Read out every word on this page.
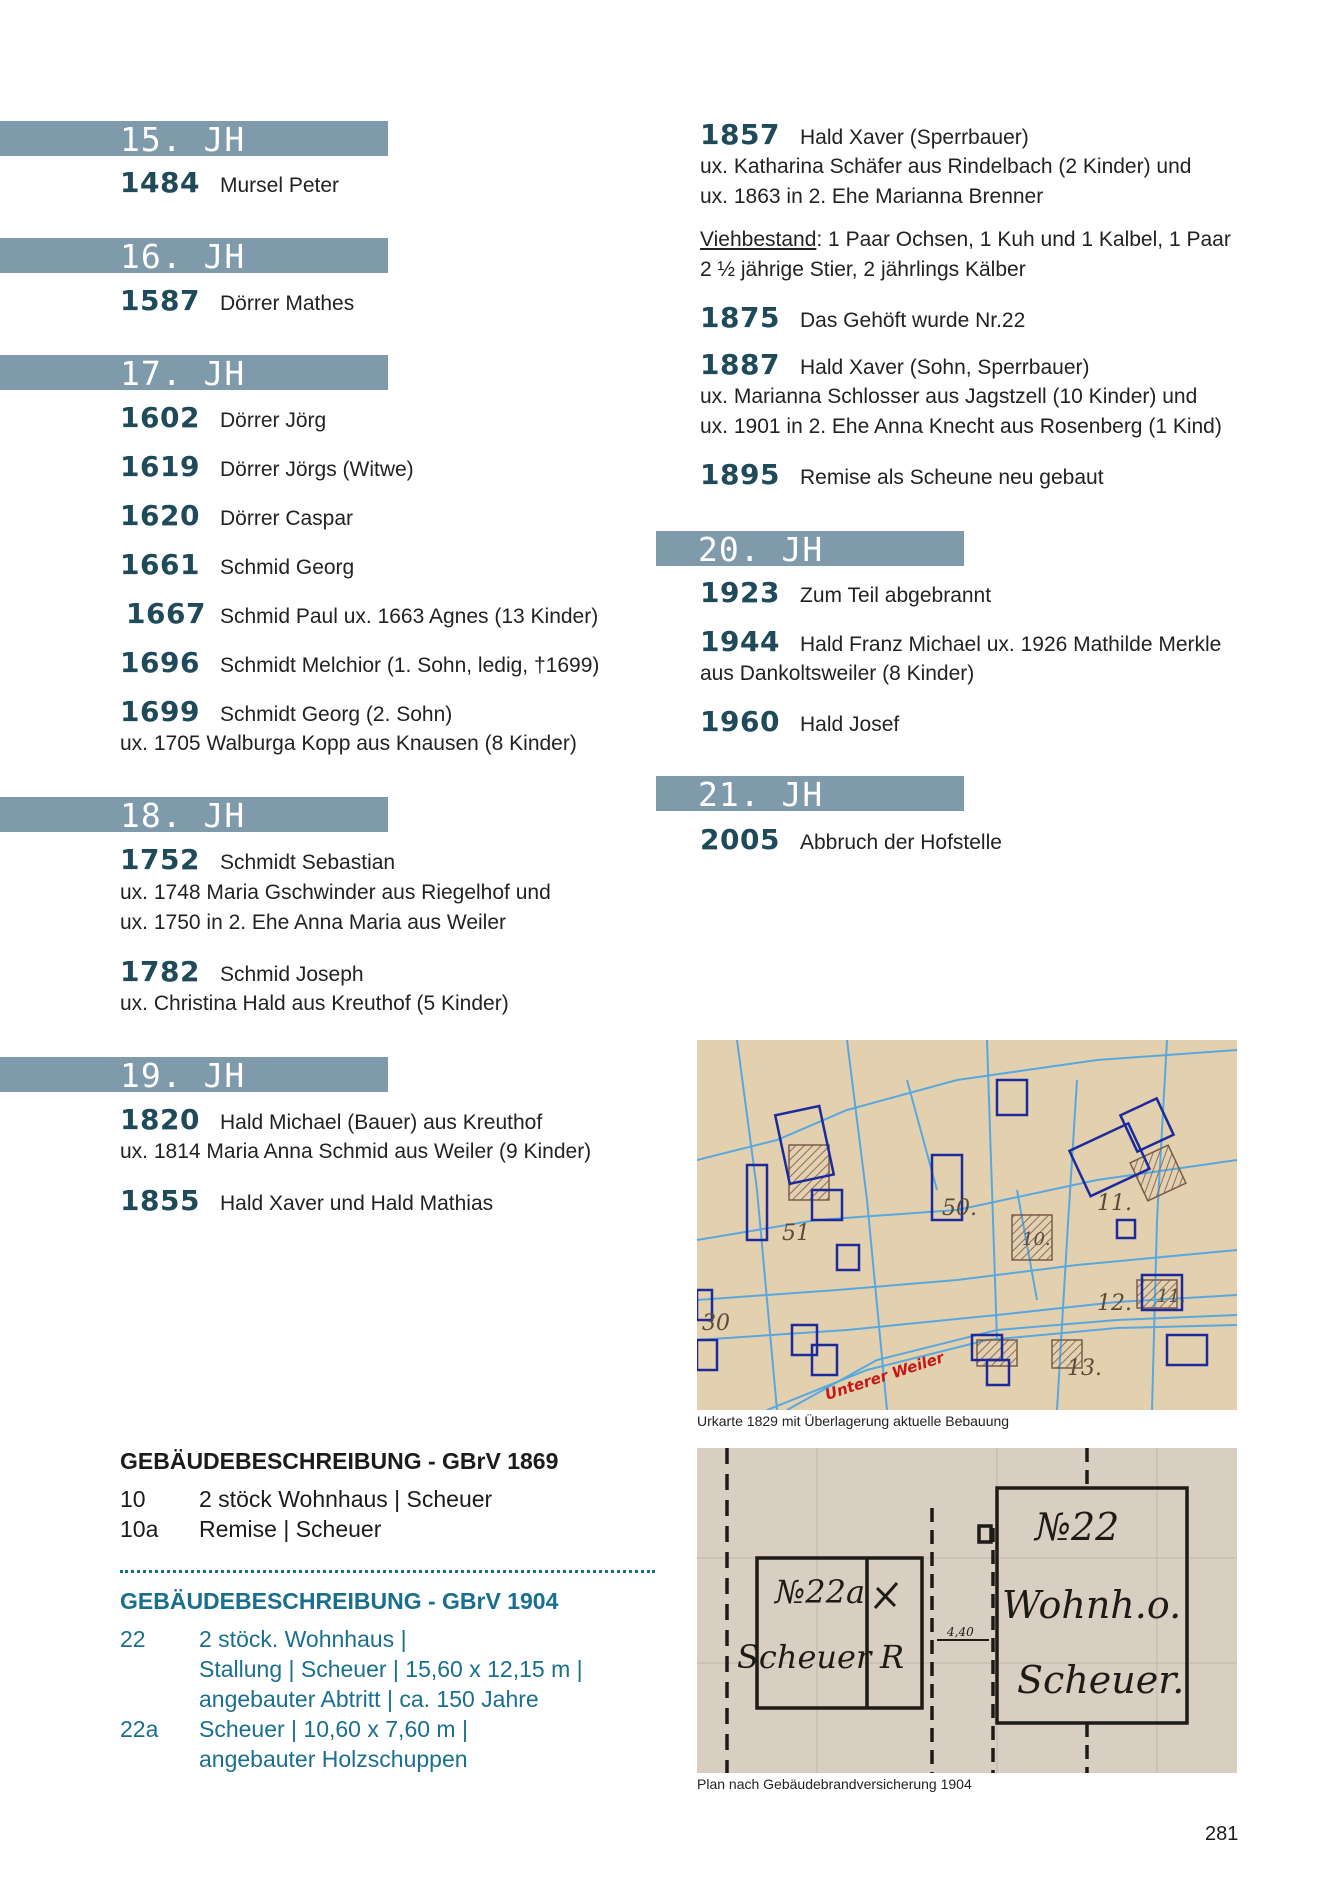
15. JH
1484 Mursel Peter
16. JH
1587 Dörrer Mathes
17. JH
1602 Dörrer Jörg
1619 Dörrer Jörgs (Witwe)
1620 Dörrer Caspar
1661 Schmid Georg
1667 Schmid Paul ux. 1663 Agnes (13 Kinder)
1696 Schmidt Melchior (1. Sohn, ledig, †1699)
1699 Schmidt Georg (2. Sohn)
ux. 1705 Walburga Kopp aus Knausen (8 Kinder)
18. JH
1752 Schmidt Sebastian
ux. 1748 Maria Gschwinder aus Riegelhof und
ux. 1750 in 2. Ehe Anna Maria aus Weiler
1782 Schmid Joseph
ux. Christina Hald aus Kreuthof (5 Kinder)
19. JH
1820 Hald Michael (Bauer) aus Kreuthof
ux. 1814 Maria Anna Schmid aus Weiler (9 Kinder)
1855 Hald Xaver und Hald Mathias
1857 Hald Xaver (Sperrbauer)
ux. Katharina Schäfer aus Rindelbach (2 Kinder) und
ux. 1863 in 2. Ehe Marianna Brenner
Viehbestand: 1 Paar Ochsen, 1 Kuh und 1 Kalbel, 1 Paar
2 ½ jährige Stier, 2 jährlings Kälber
1875 Das Gehöft wurde Nr.22
1887 Hald Xaver (Sohn, Sperrbauer)
ux. Marianna Schlosser aus Jagstzell (10 Kinder) und
ux. 1901 in 2. Ehe Anna Knecht aus Rosenberg (1 Kind)
1895 Remise als Scheune neu gebaut
20. JH
1923 Zum Teil abgebrannt
1944 Hald Franz Michael ux. 1926 Mathilde Merkle
aus Dankoltsweiler (8 Kinder)
1960 Hald Josef
21. JH
2005 Abbruch der Hofstelle
GEBÄUDEBESCHREIBUNG - GBrV 1869
10 2 stöck Wohnhaus | Scheuer
10a Remise | Scheuer
GEBÄUDEBESCHREIBUNG - GBrV 1904
22 2 stöck. Wohnhaus |
Stallung | Scheuer | 15,60 x 12,15 m |
angebauter Abtritt | ca. 150 Jahre
22a Scheuer | 10,60 x 7,60 m |
angebauter Holzschuppen
51
50.
10.
11.
12.
13.
11.
30
Unterer Weiler
Urkarte 1829 mit Überlagerung aktuelle Bebauung
№22
Wohnh.o.
Scheuer.
№22a
Scheuer R
4,40
Plan nach Gebäudebrandversicherung 1904
281
